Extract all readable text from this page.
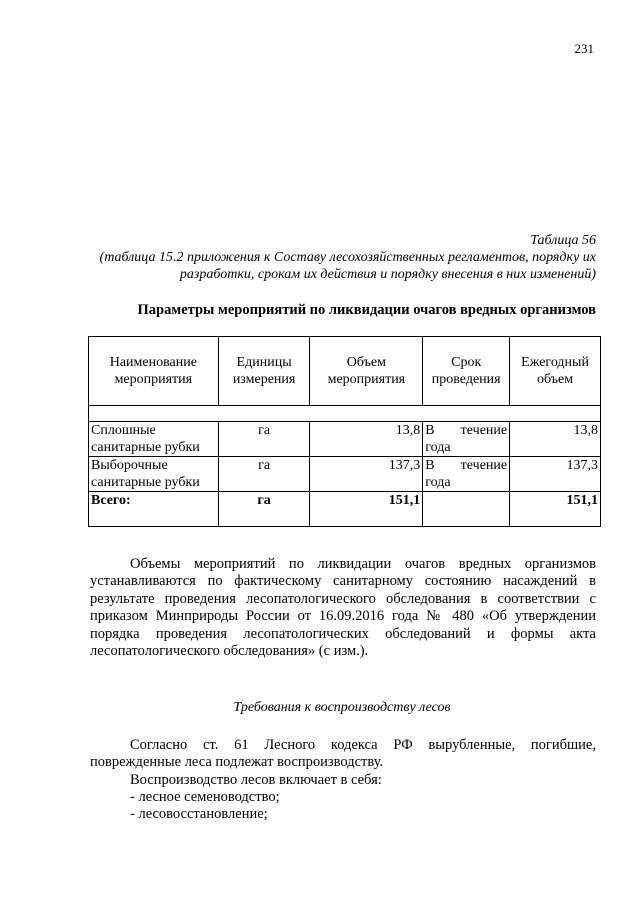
231
Таблица 56
(таблица 15.2 приложения к Составу лесохозяйственных регламентов, порядку их разработки, срокам их действия и порядку внесения в них изменений)
Параметры мероприятий по ликвидации очагов вредных организмов
Наименование мероприятия	Единицы измерения	Объем мероприятия	Срок проведения	Ежегодный объем

Сплошные санитарные рубки	га	13,8	В течение года	13,8
Выборочные санитарные рубки	га	137,3	В течение года	137,3
Всего:	га	151,1		151,1

Объемы мероприятий по ликвидации очагов вредных организмов устанавливаются по фактическому санитарному состоянию насаждений в результате проведения лесопатологического обследования в соответствии с приказом Минприроды России от 16.09.2016 года № 480 «Об утверждении порядка проведения лесопатологических обследований и формы акта лесопатологического обследования» (с изм.).

Требования к воспроизводству лесов

Согласно ст. 61 Лесного кодекса РФ вырубленные, погибшие, поврежденные леса подлежат воспроизводству.

Воспроизводство лесов включает в себя:

- лесное семеноводство;
- лесовосстановление;
